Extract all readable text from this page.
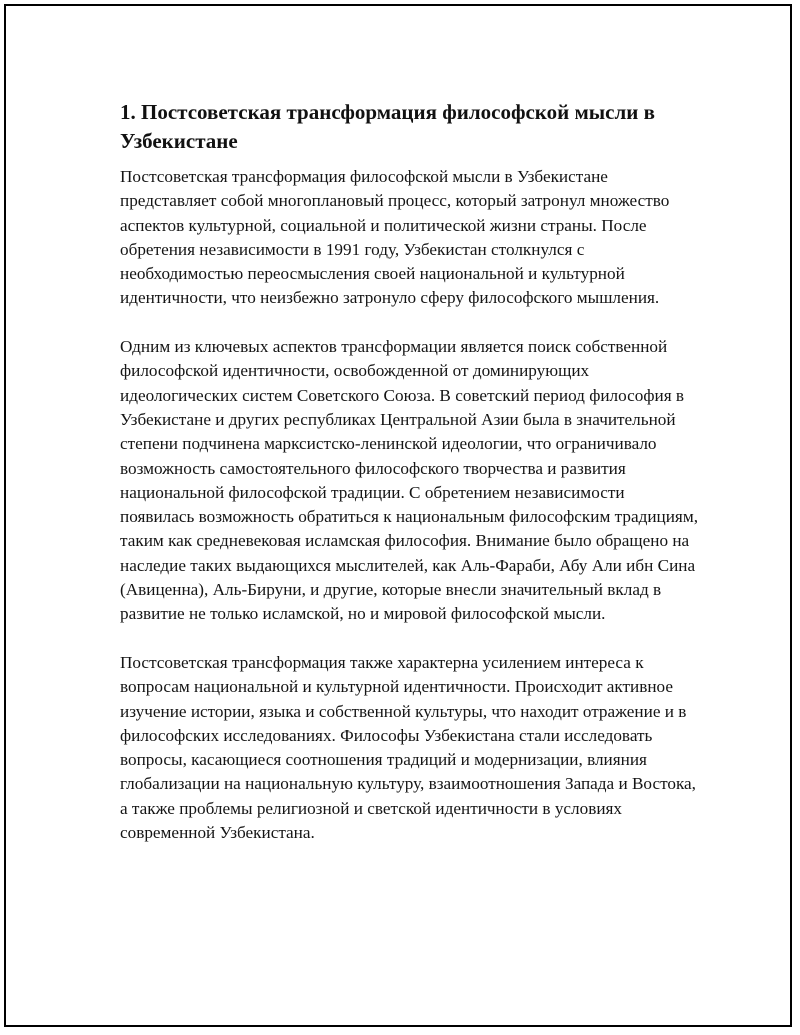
1. Постсоветская трансформация философской мысли в Узбекистане

Постсоветская трансформация философской мысли в Узбекистане представляет собой многоплановый процесс, который затронул множество аспектов культурной, социальной и политической жизни страны. После обретения независимости в 1991 году, Узбекистан столкнулся с необходимостью переосмысления своей национальной и культурной идентичности, что неизбежно затронуло сферу философского мышления.

Одним из ключевых аспектов трансформации является поиск собственной философской идентичности, освобожденной от доминирующих идеологических систем Советского Союза. В советский период философия в Узбекистане и других республиках Центральной Азии была в значительной степени подчинена марксистско-ленинской идеологии, что ограничивало возможность самостоятельного философского творчества и развития национальной философской традиции. С обретением независимости появилась возможность обратиться к национальным философским традициям, таким как средневековая исламская философия. Внимание было обращено на наследие таких выдающихся мыслителей, как Аль-Фараби, Абу Али ибн Сина (Авиценна), Аль-Бируни, и другие, которые внесли значительный вклад в развитие не только исламской, но и мировой философской мысли.

Постсоветская трансформация также характерна усилением интереса к вопросам национальной и культурной идентичности. Происходит активное изучение истории, языка и собственной культуры, что находит отражение и в философских исследованиях. Философы Узбекистана стали исследовать вопросы, касающиеся соотношения традиций и модернизации, влияния глобализации на национальную культуру, взаимоотношения Запада и Востока, а также проблемы религиозной и светской идентичности в условиях современной Узбекистана.
